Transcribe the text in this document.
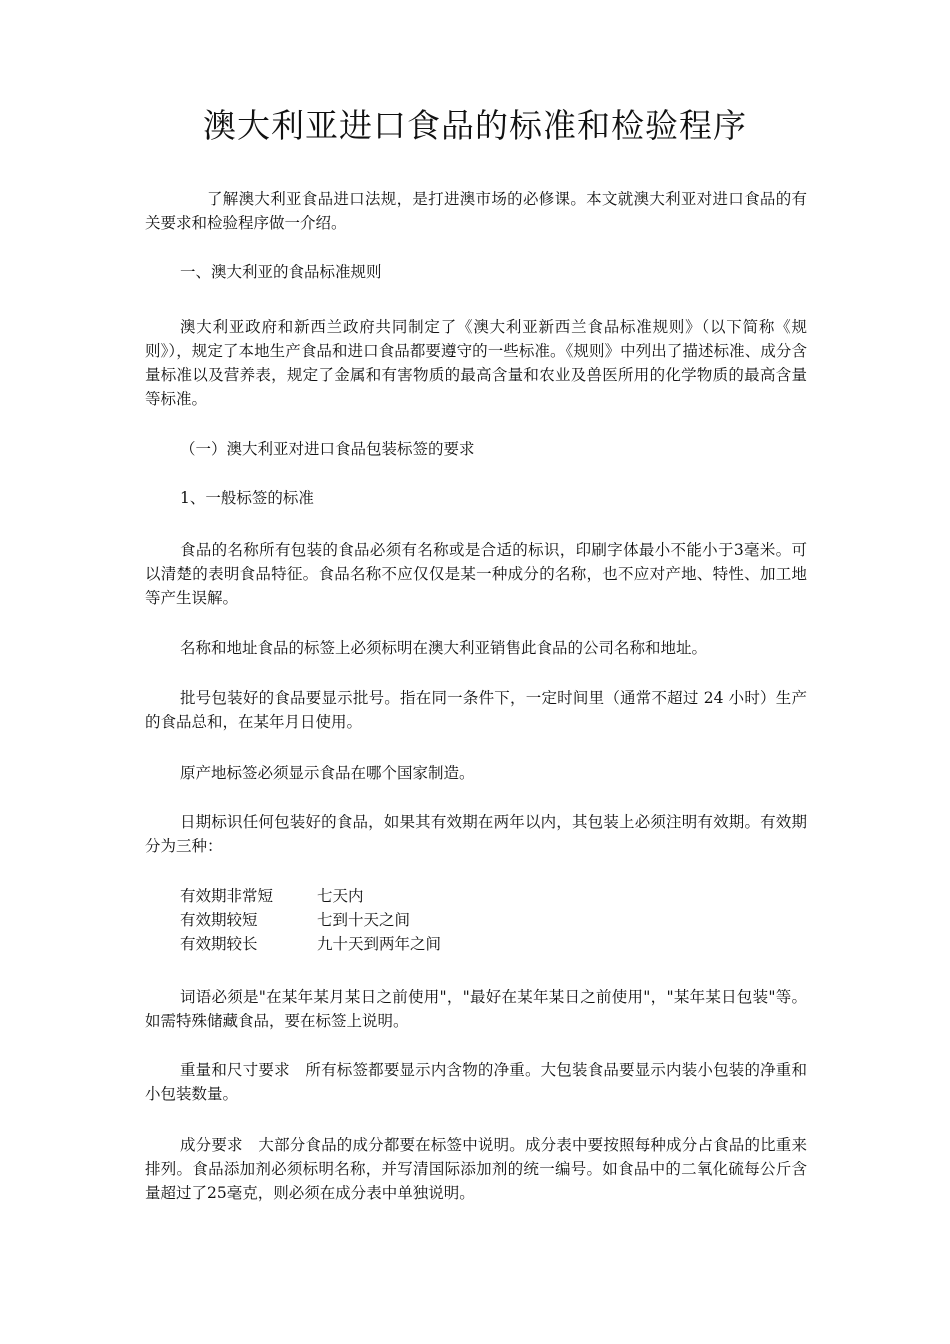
澳大利亚进口食品的标准和检验程序

了解澳大利亚食品进口法规，是打进澳市场的必修课。本文就澳大利亚对进口食品的有关要求和检验程序做一介绍。

一、澳大利亚的食品标准规则

澳大利亚政府和新西兰政府共同制定了《澳大利亚新西兰食品标准规则》（以下简称《规则》），规定了本地生产食品和进口食品都要遵守的一些标准。《规则》中列出了描述标准、成分含量标准以及营养表，规定了金属和有害物质的最高含量和农业及兽医所用的化学物质的最高含量等标准。

（一）澳大利亚对进口食品包装标签的要求

1、一般标签的标准

食品的名称所有包装的食品必须有名称或是合适的标识，印刷字体最小不能小于3毫米。可以清楚的表明食品特征。食品名称不应仅仅是某一种成分的名称，也不应对产地、特性、加工地等产生误解。

名称和地址食品的标签上必须标明在澳大利亚销售此食品的公司名称和地址。

批号包装好的食品要显示批号。指在同一条件下，一定时间里（通常不超过 24 小时）生产的食品总和，在某年月日使用。

原产地标签必须显示食品在哪个国家制造。

日期标识任何包装好的食品，如果其有效期在两年以内，其包装上必须注明有效期。有效期分为三种：

有效期非常短	七天内
有效期较短	七到十天之间
有效期较长	九十天到两年之间

词语必须是"在某年某月某日之前使用"，"最好在某年某日之前使用"，"某年某日包装"等。如需特殊储藏食品，要在标签上说明。

重量和尺寸要求　所有标签都要显示内含物的净重。大包装食品要显示内装小包装的净重和小包装数量。

成分要求　大部分食品的成分都要在标签中说明。成分表中要按照每种成分占食品的比重来排列。食品添加剂必须标明名称，并写清国际添加剂的统一编号。如食品中的二氧化硫每公斤含量超过了25毫克，则必须在成分表中单独说明。
